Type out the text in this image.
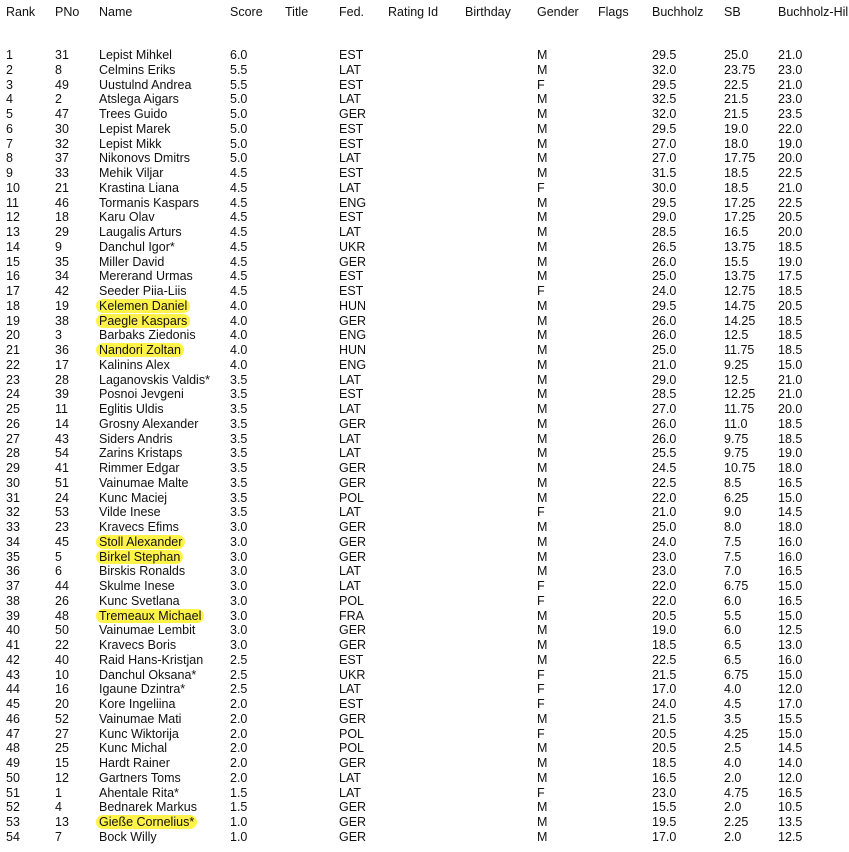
Rank PNo Name	Score Title Fed. Rating Id Birthday Gender Flags Buchholz SB	Buchholz-Hil
1	31 Lepist Mihkel	6.0	EST	M	29.5	25.0 21.0
2	8	Celmins Eriks	5.5	LAT	M	32.0	23.75 23.0
3	49 Uustulnd Andrea	5.5	EST	F	29.5	22.5 21.0
4	2	Atslega Aigars	5.0	LAT	M	32.5	21.5 23.0
5	47 Trees Guido	5.0	GER	M	32.0	21.5 23.5
6	30 Lepist Marek	5.0	EST	M	29.5	19.0 22.0
7	32 Lepist Mikk	5.0	EST	M	27.0	18.0 19.0
8	37 Nikonovs Dmitrs	5.0	LAT	M	27.0	17.75 20.0
9	33 Mehik Viljar	4.5	EST	M	31.5	18.5 22.5
10	21 Krastina Liana	4.5	LAT	F	30.0	18.5 21.0
11	46 Tormanis Kaspars 4.5	ENG	M	29.5	17.25 22.5
12	18 Karu Olav	4.5	EST	M	29.0	17.25 20.5
13	29 Laugalis Arturs	4.5	LAT	M	28.5	16.5 20.0
14	9	Danchul Igor*	4.5	UKR	M	26.5	13.75 18.5
15	35 Miller David	4.5	GER	M	26.0	15.5 19.0
16	34 Mererand Urmas	4.5	EST	M	25.0	13.75 17.5
17	42 Seeder Piia-Liis	4.5	EST	F	24.0	12.75 18.5
18	19 Kelemen Daniel	4.0	HUN	M	29.5	14.75 20.5
19	38 Paegle Kaspars	4.0	GER	M	26.0	14.25 18.5
20	3	Barbaks Ziedonis	4.0	ENG	M	26.0	12.5 18.5
21	36 Nandori Zoltan	4.0	HUN	M	25.0	11.75 18.5
22	17 Kalinins Alex	4.0	ENG	M	21.0	9.25 15.0
23	28 Laganovskis Valdis* 3.5	LAT	M	29.0	12.5 21.0
24	39 Posnoi Jevgeni	3.5	EST	M	28.5	12.25 21.0
25	11 Eglitis Uldis	3.5	LAT	M	27.0	11.75 20.0
26	14 Grosny Alexander	3.5	GER	M	26.0	11.0 18.5
27	43 Siders Andris	3.5	LAT	M	26.0	9.75 18.5
28	54 Zarins Kristaps	3.5	LAT	M	25.5	9.75 19.0
29	41 Rimmer Edgar	3.5	GER	M	24.5	10.75 18.0
30	51 Vainumae Malte	3.5	GER	M	22.5	8.5	16.5
31	24 Kunc Maciej	3.5	POL	M	22.0	6.25 15.0
32	53 Vilde Inese	3.5	LAT	F	21.0	9.0	14.5
33	23 Kravecs Efims	3.0	GER	M	25.0	8.0	18.0
34	45 Stoll Alexander	3.0	GER	M	24.0	7.5	16.0
35	5	Birkel Stephan	3.0	GER	M	23.0	7.5	16.0
36	6	Birskis Ronalds	3.0	LAT	M	23.0	7.0	16.5
37	44 Skulme Inese	3.0	LAT	F	22.0	6.75 15.0
38	26 Kunc Svetlana	3.0	POL	F	22.0	6.0	16.5
39	48 Tremeaux Michael 3.0	FRA	M	20.5	5.5	15.0
40	50 Vainumae Lembit	3.0	GER	M	19.0	6.0	12.5
41	22 Kravecs Boris	3.0	GER	M	18.5	6.5	13.0
42	40 Raid Hans-Kristjan 2.5	EST	M	22.5	6.5	16.0
43	10 Danchul Oksana*	2.5	UKR	F	21.5	6.75 15.0
44	16 Igaune Dzintra*	2.5	LAT	F	17.0	4.0	12.0
45	20 Kore Ingeliina	2.0	EST	F	24.0	4.5	17.0
46	52 Vainumae Mati	2.0	GER	M	21.5	3.5	15.5
47	27 Kunc Wiktorija	2.0	POL	F	20.5	4.25 15.0
48	25 Kunc Michal	2.0	POL	M	20.5	2.5	14.5
49	15 Hardt Rainer	2.0	GER	M	18.5	4.0	14.0
50	12 Gartners Toms	2.0	LAT	M	16.5	2.0	12.0
51	1	Ahentale Rita*	1.5	LAT	F	23.0	4.75 16.5
52	4	Bednarek Markus	1.5	GER	M	15.5	2.0	10.5
53	13 Gieße Cornelius*	1.0	GER	M	19.5	2.25 13.5
54	7	Bock Willy	1.0	GER	M	17.0	2.0	12.5
